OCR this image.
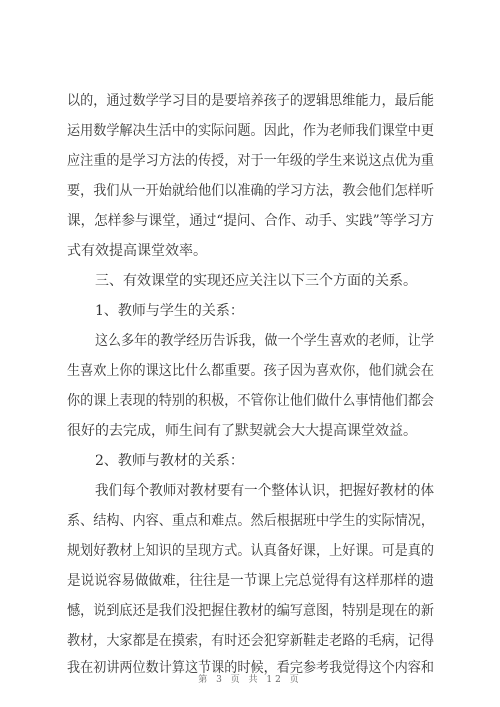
以的，通过数学学习目的是要培养孩子的逻辑思维能力，最后能
运用数学解决生活中的实际问题。因此，作为老师我们课堂中更
应注重的是学习方法的传授，对于一年级的学生来说这点优为重
要，我们从一开始就给他们以准确的学习方法，教会他们怎样听
课，怎样参与课堂，通过“提问、合作、动手、实践”等学习方
式有效提高课堂效率。
三、有效课堂的实现还应关注以下三个方面的关系。
1、教师与学生的关系：
这么多年的教学经历告诉我，做一个学生喜欢的老师，让学
生喜欢上你的课这比什么都重要。孩子因为喜欢你，他们就会在
你的课上表现的特别的积极，不管你让他们做什么事情他们都会
很好的去完成，师生间有了默契就会大大提高课堂效益。
2、教师与教材的关系：
我们每个教师对教材要有一个整体认识，把握好教材的体
系、结构、内容、重点和难点。然后根据班中学生的实际情况，
规划好教材上知识的呈现方式。认真备好课，上好课。可是真的
是说说容易做做难，往往是一节课上完总觉得有这样那样的遗
憾，说到底还是我们没把握住教材的编写意图，特别是现在的新
教材，大家都是在摸索，有时还会犯穿新鞋走老路的毛病，记得
我在初讲两位数计算这节课的时候，看完参考我觉得这个内容和
第 3 页 共 12 页
